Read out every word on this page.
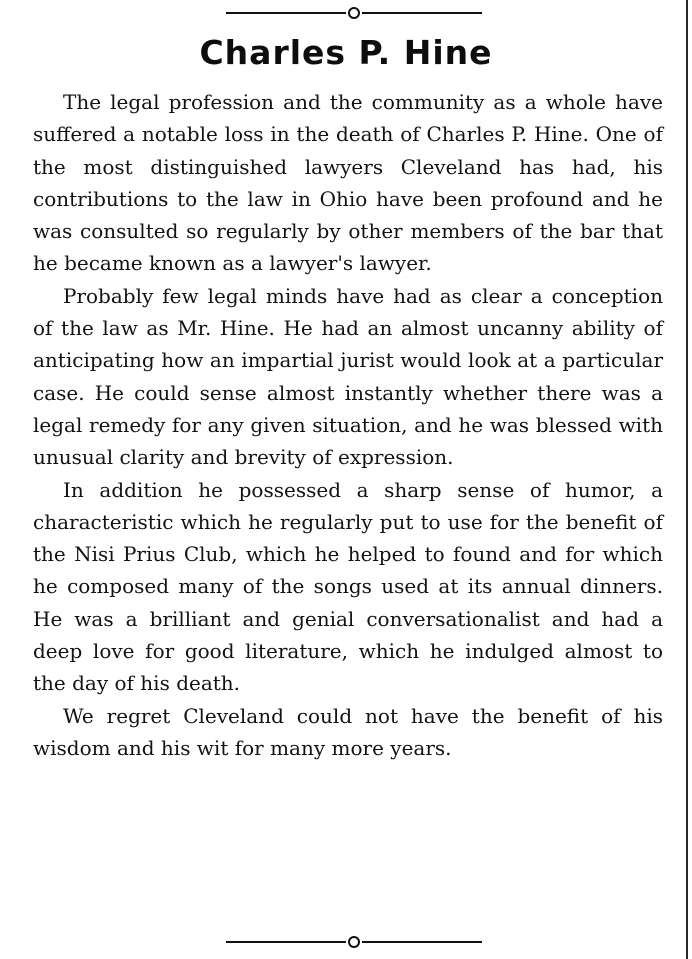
Charles P. Hine

The legal profession and the community as a whole have suffered a notable loss in the death of Charles P. Hine. One of the most distinguished lawyers Cleveland has had, his contributions to the law in Ohio have been profound and he was consulted so regularly by other members of the bar that he became known as a lawyer's lawyer.

Probably few legal minds have had as clear a conception of the law as Mr. Hine. He had an almost uncanny ability of anticipating how an impartial jurist would look at a particular case. He could sense almost instantly whether there was a legal remedy for any given situation, and he was blessed with unusual clarity and brevity of expression.

In addition he possessed a sharp sense of humor, a characteristic which he regularly put to use for the benefit of the Nisi Prius Club, which he helped to found and for which he composed many of the songs used at its annual dinners. He was a brilliant and genial conversationalist and had a deep love for good literature, which he indulged almost to the day of his death.

We regret Cleveland could not have the benefit of his wisdom and his wit for many more years.
